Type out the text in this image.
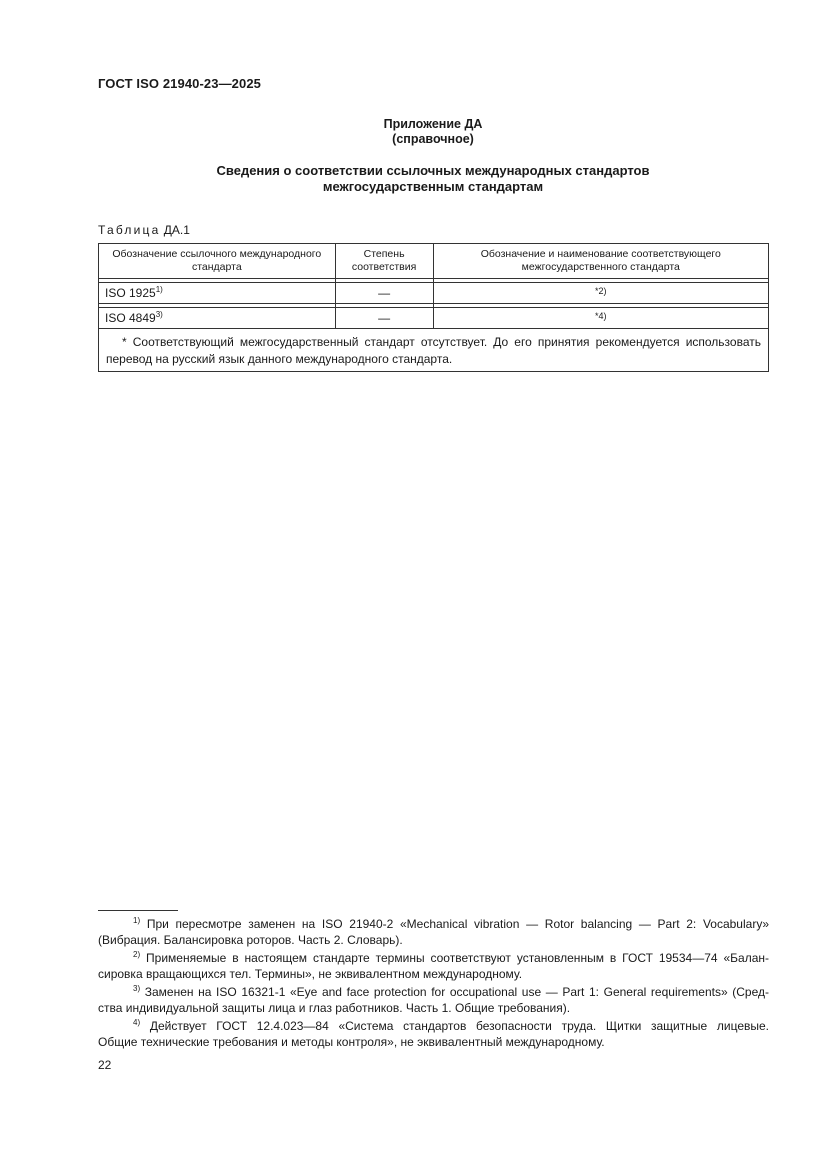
ГОСТ ISO 21940-23—2025
Приложение ДА
(справочное)
Сведения о соответствии ссылочных международных стандартов
межгосударственным стандартам
Таблица ДА.1
Обозначение ссылочного международного стандарта	Степень соответствия	Обозначение и наименование соответствующего межгосударственного стандарта

ISO 1925$^{1)}$	—	*2)

ISO 4849$^{3)}$	—	*4)
* Соответствующий межгосударственный стандарт отсутствует. До его принятия рекомендуется использовать перевод на русский язык данного международного стандарта.		
$^{1)}$ При пересмотре заменен на ISO 21940-2 «Mechanical vibration — Rotor balancing — Part 2: Vocabulary»
(Вибрация. Балансировка роторов. Часть 2. Словарь).
$^{2)}$ Применяемые в настоящем стандарте термины соответствуют установленным в ГОСТ 19534—74 «Балан-
сировка вращающихся тел. Термины», не эквивалентном международному.
$^{3)}$ Заменен на ISO 16321-1 «Eye and face protection for occupational use — Part 1: General requirements» (Сред-
ства индивидуальной защиты лица и глаз работников. Часть 1. Общие требования).
$^{4)}$ Действует ГОСТ 12.4.023—84 «Система стандартов безопасности труда. Щитки защитные лицевые.
Общие технические требования и методы контроля», не эквивалентный международному.
22
